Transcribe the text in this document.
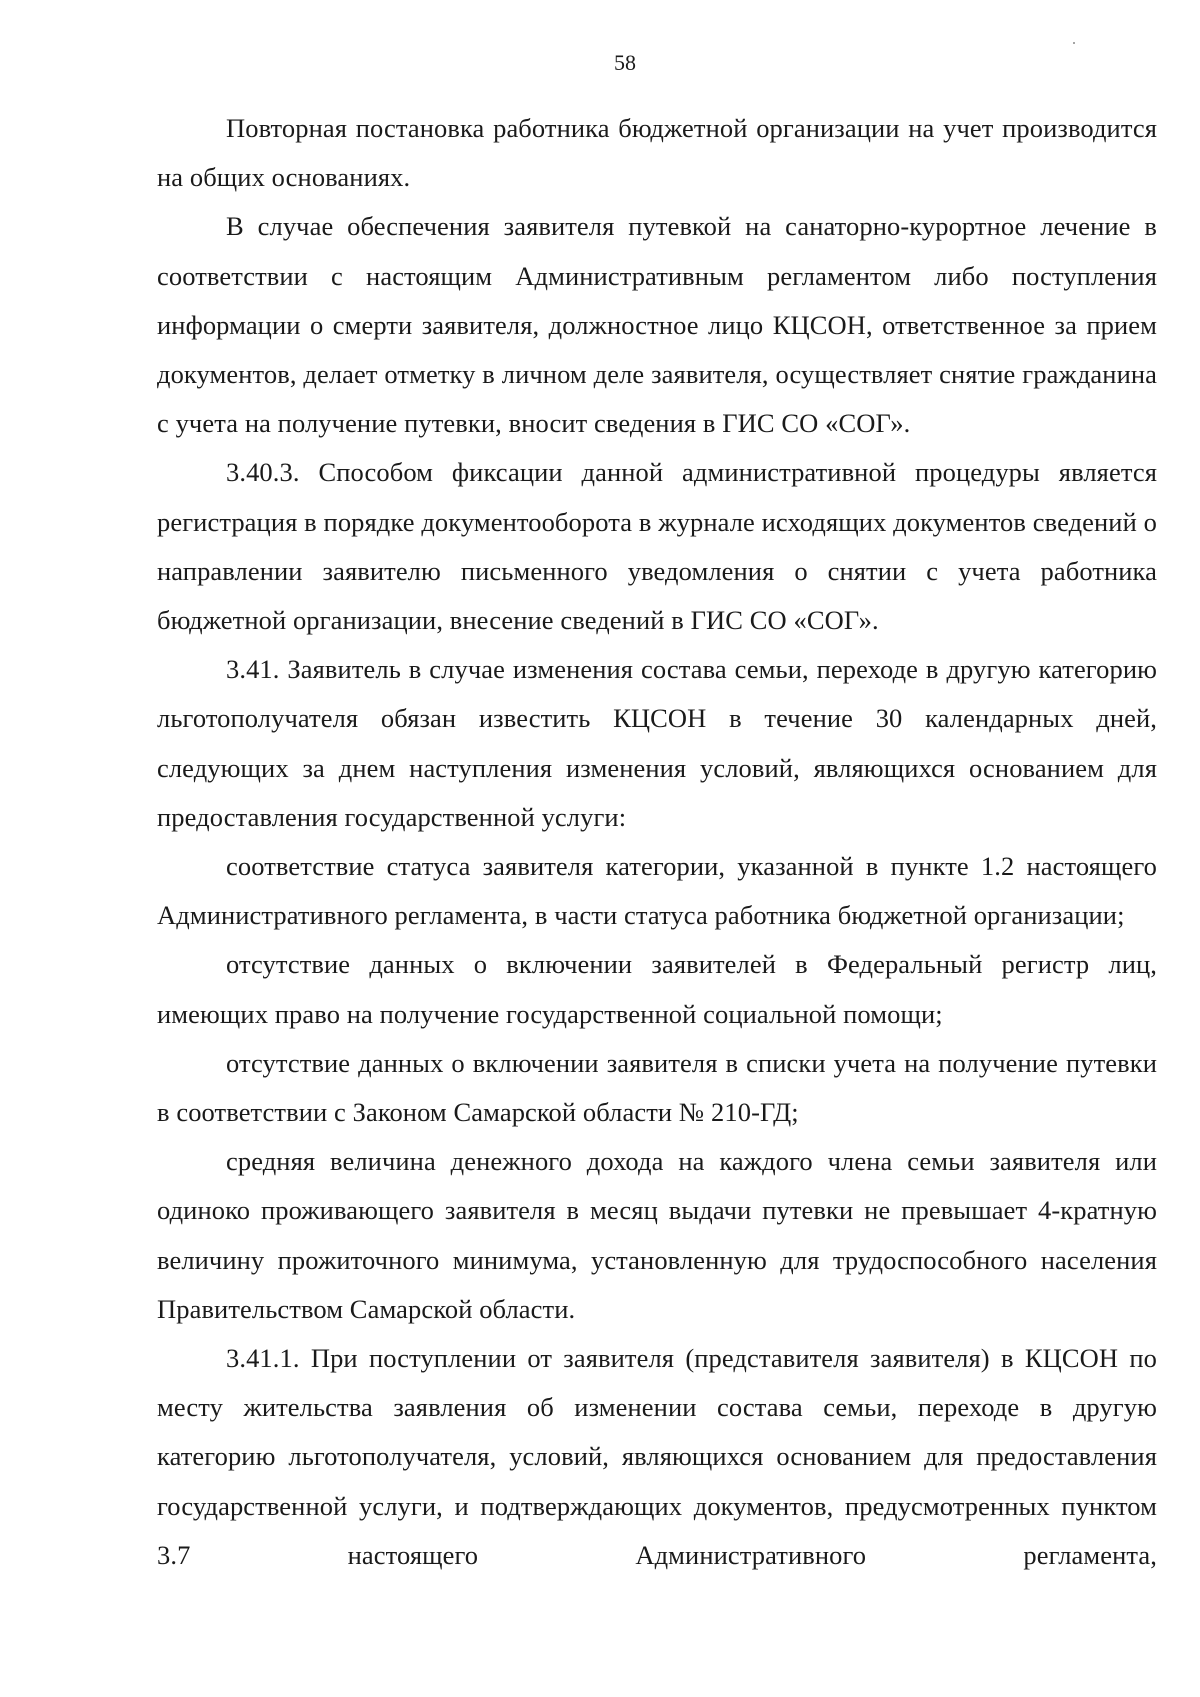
58

Повторная постановка работника бюджетной организации на учет производится на общих основаниях.

В случае обеспечения заявителя путевкой на санаторно-курортное лечение в соответствии с настоящим Административным регламентом либо поступления информации о смерти заявителя, должностное лицо КЦСОН, ответственное за прием документов, делает отметку в личном деле заявителя, осуществляет снятие гражданина с учета на получение путевки, вносит сведения в ГИС СО «СОГ».

3.40.3. Способом фиксации данной административной процедуры является регистрация в порядке документооборота в журнале исходящих документов сведений о направлении заявителю письменного уведомления о снятии с учета работника бюджетной организации, внесение сведений в ГИС СО «СОГ».

3.41. Заявитель в случае изменения состава семьи, переходе в другую категорию льготополучателя обязан известить КЦСОН в течение 30 календарных дней, следующих за днем наступления изменения условий, являющихся основанием для предоставления государственной услуги:

соответствие статуса заявителя категории, указанной в пункте 1.2 настоящего Административного регламента, в части статуса работника бюджетной организации;

отсутствие данных о включении заявителей в Федеральный регистр лиц, имеющих право на получение государственной социальной помощи;

отсутствие данных о включении заявителя в списки учета на получение путевки в соответствии с Законом Самарской области № 210-ГД;

средняя величина денежного дохода на каждого члена семьи заявителя или одиноко проживающего заявителя в месяц выдачи путевки не превышает 4-кратную величину прожиточного минимума, установленную для трудоспособного населения Правительством Самарской области.

3.41.1. При поступлении от заявителя (представителя заявителя) в КЦСОН по месту жительства заявления об изменении состава семьи, переходе в другую категорию льготополучателя, условий, являющихся основанием для предоставления государственной услуги, и подтверждающих документов, предусмотренных пунктом 3.7 настоящего Административного регламента,
